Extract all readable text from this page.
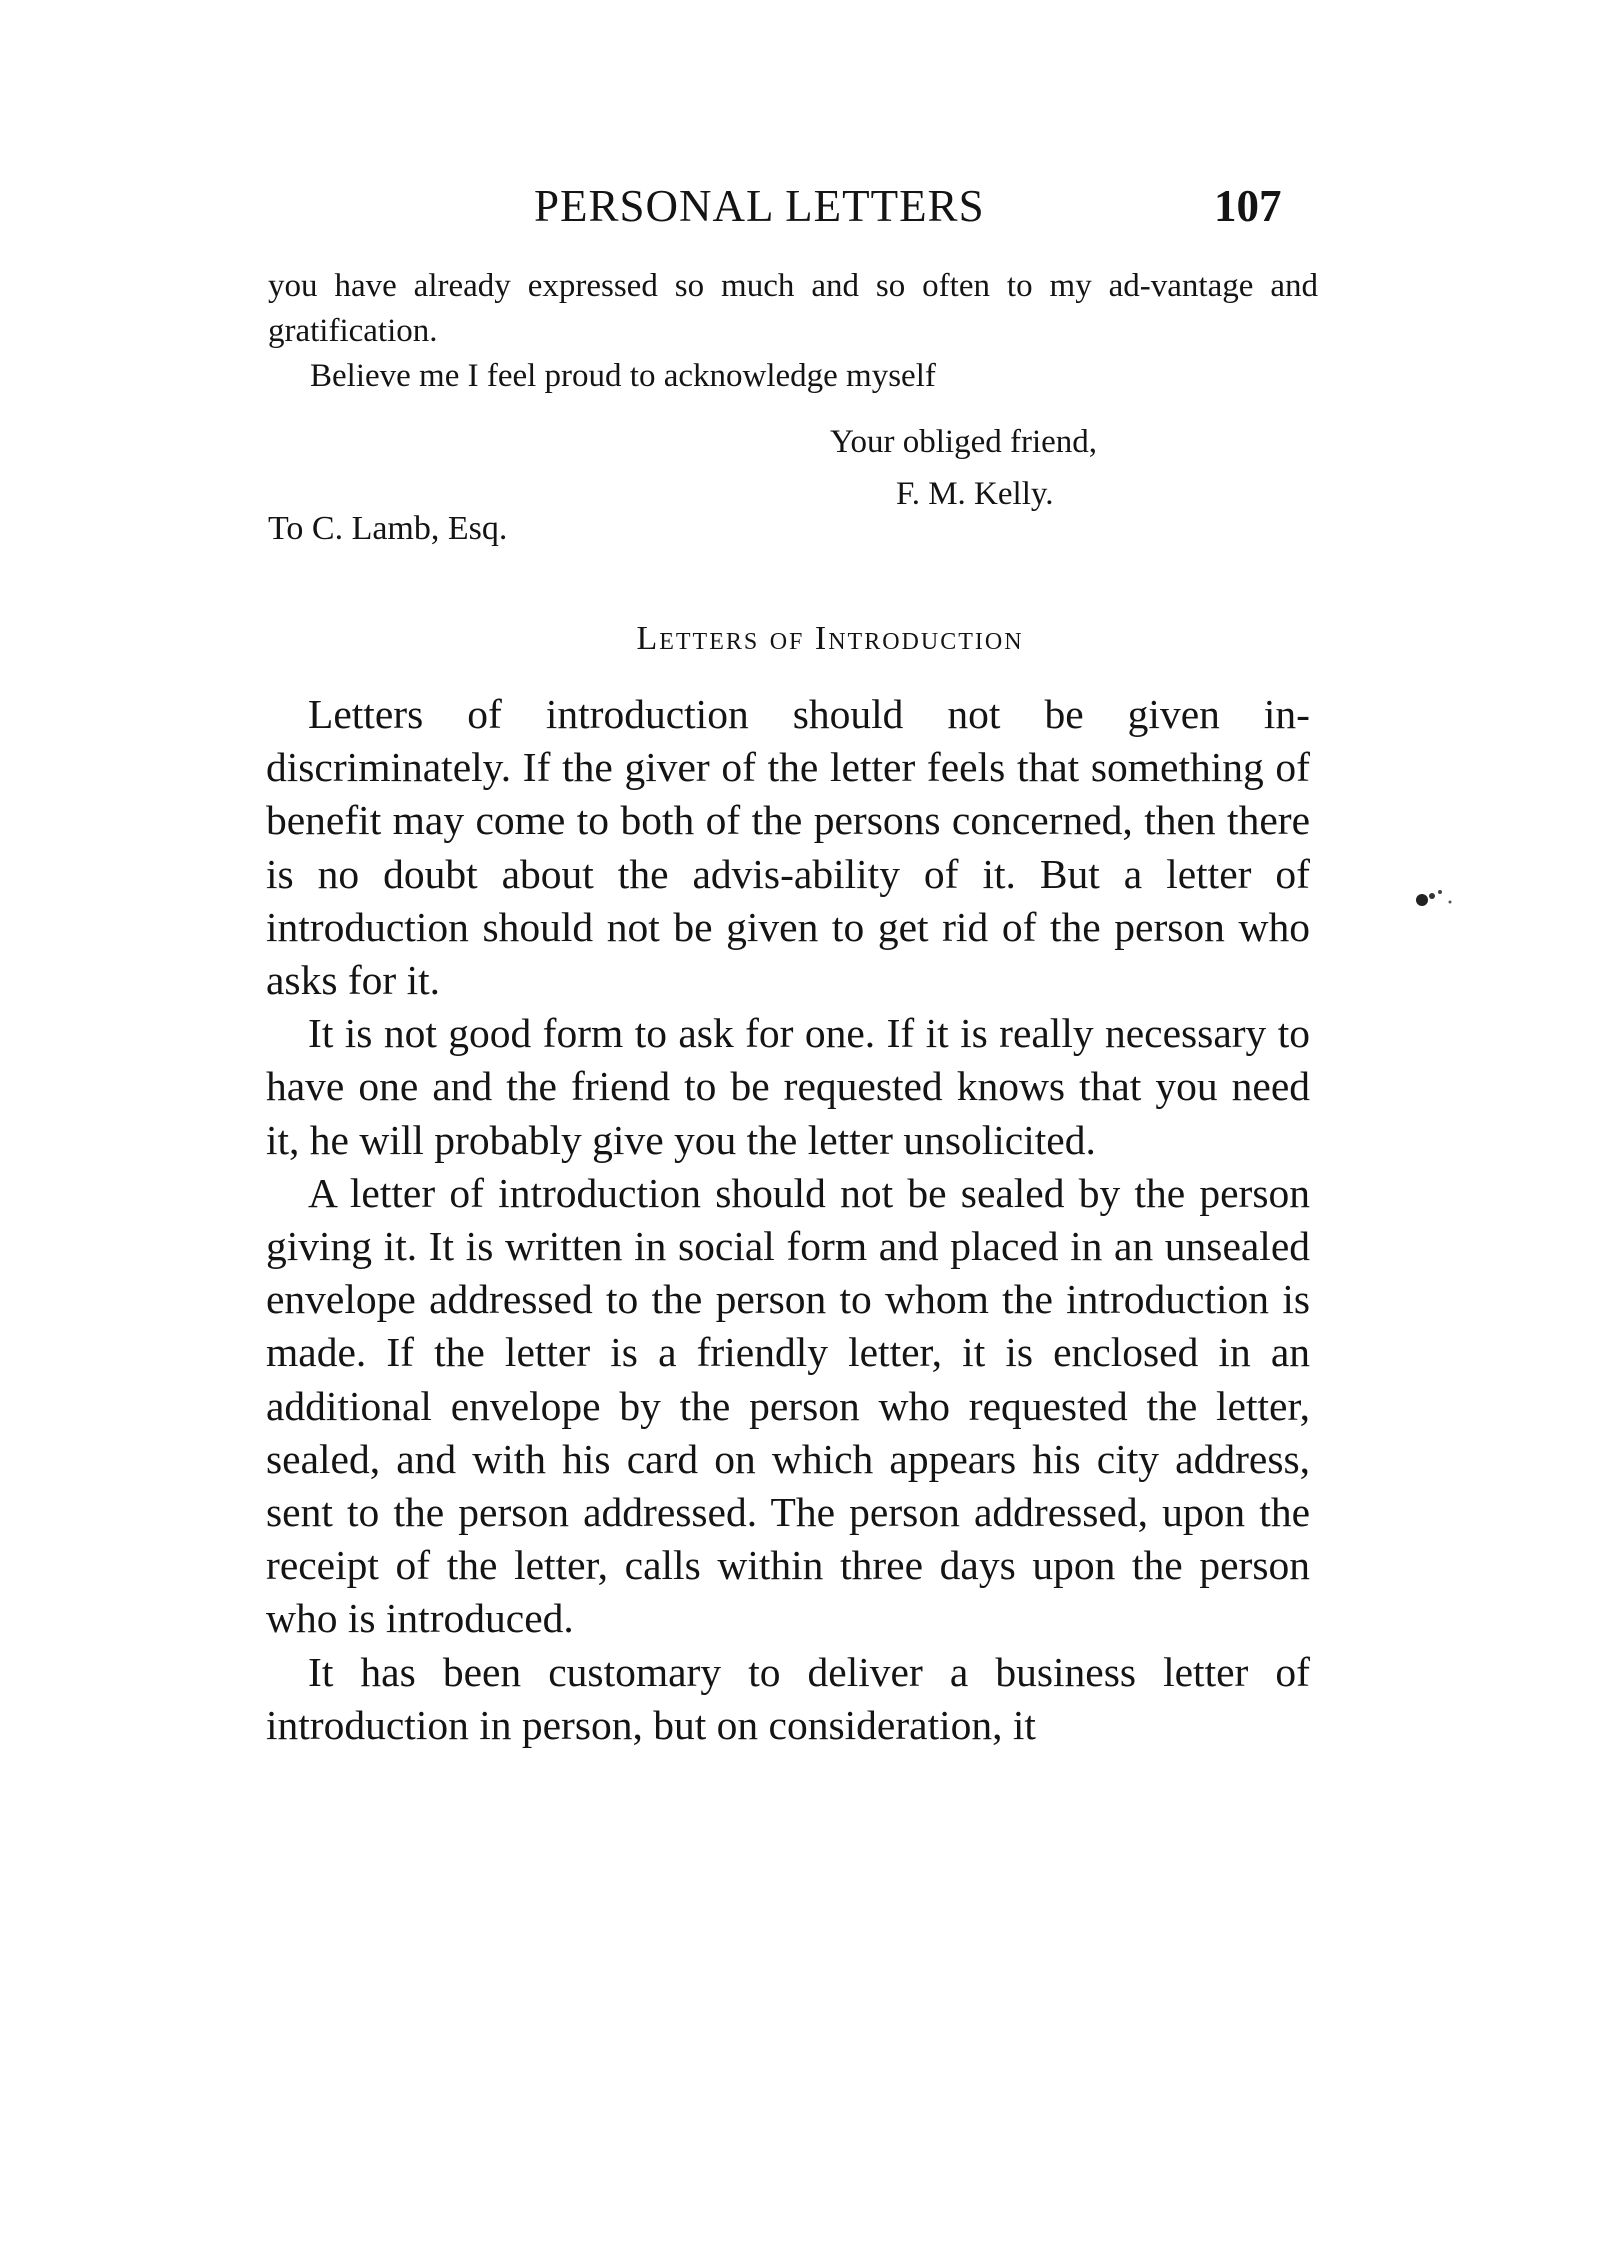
PERSONAL LETTERS	107

you have already expressed so much and so often to my ad-vantage and gratification.

Believe me I feel proud to acknowledge myself

Your obliged friend,
F. M. Kelly.
To C. Lamb, Esq.
Letters of Introduction

Letters of introduction should not be given in-discriminately. If the giver of the letter feels that something of benefit may come to both of the persons concerned, then there is no doubt about the advis-ability of it. But a letter of introduction should not be given to get rid of the person who asks for it.

It is not good form to ask for one. If it is really necessary to have one and the friend to be requested knows that you need it, he will probably give you the letter unsolicited.

A letter of introduction should not be sealed by the person giving it. It is written in social form and placed in an unsealed envelope addressed to the person to whom the introduction is made. If the letter is a friendly letter, it is enclosed in an additional envelope by the person who requested the letter, sealed, and with his card on which appears his city address, sent to the person addressed. The person addressed, upon the receipt of the letter, calls within three days upon the person who is introduced.

It has been customary to deliver a business letter of introduction in person, but on consideration, it
